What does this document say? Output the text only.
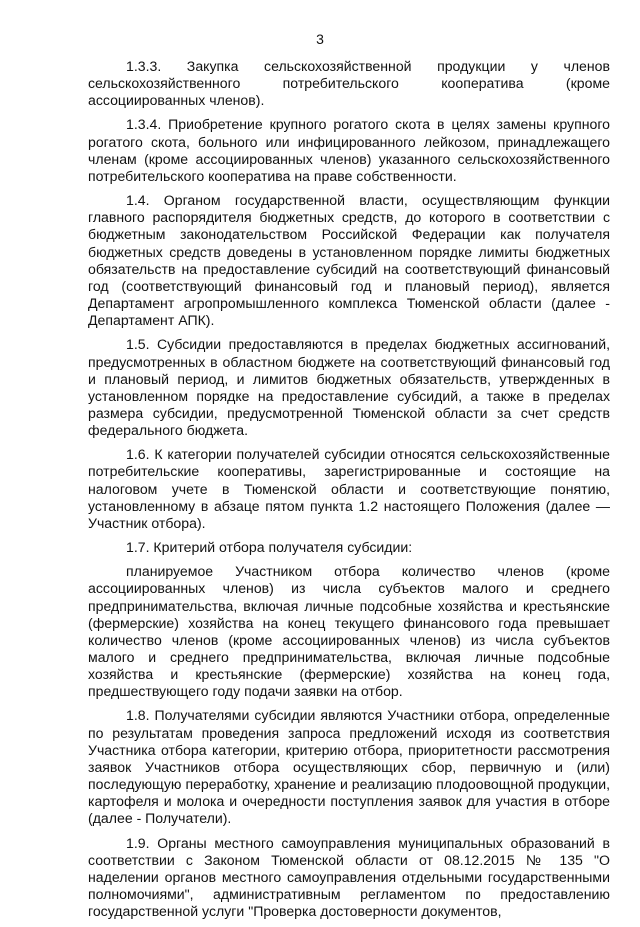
3

1.3.3. Закупка сельскохозяйственной продукции у членов сельскохозяйственного потребительского кооператива (кроме ассоциированных членов).

1.3.4. Приобретение крупного рогатого скота в целях замены крупного рогатого скота, больного или инфицированного лейкозом, принадлежащего членам (кроме ассоциированных членов) указанного сельскохозяйственного потребительского кооператива на праве собственности.

1.4. Органом государственной власти, осуществляющим функции главного распорядителя бюджетных средств, до которого в соответствии с бюджетным законодательством Российской Федерации как получателя бюджетных средств доведены в установленном порядке лимиты бюджетных обязательств на предоставление субсидий на соответствующий финансовый год (соответствующий финансовый год и плановый период), является Департамент агропромышленного комплекса Тюменской области (далее - Департамент АПК).

1.5. Субсидии предоставляются в пределах бюджетных ассигнований, предусмотренных в областном бюджете на соответствующий финансовый год и плановый период, и лимитов бюджетных обязательств, утвержденных в установленном порядке на предоставление субсидий, а также в пределах размера субсидии, предусмотренной Тюменской области за счет средств федерального бюджета.

1.6. К категории получателей субсидии относятся сельскохозяйственные потребительские кооперативы, зарегистрированные и состоящие на налоговом учете в Тюменской области и соответствующие понятию, установленному в абзаце пятом пункта 1.2 настоящего Положения (далее — Участник отбора).

1.7. Критерий отбора получателя субсидии:

планируемое Участником отбора количество членов (кроме ассоциированных членов) из числа субъектов малого и среднего предпринимательства, включая личные подсобные хозяйства и крестьянские (фермерские) хозяйства на конец текущего финансового года превышает количество членов (кроме ассоциированных членов) из числа субъектов малого и среднего предпринимательства, включая личные подсобные хозяйства и крестьянские (фермерские) хозяйства на конец года, предшествующего году подачи заявки на отбор.

1.8. Получателями субсидии являются Участники отбора, определенные по результатам проведения запроса предложений исходя из соответствия Участника отбора категории, критерию отбора, приоритетности рассмотрения заявок Участников отбора осуществляющих сбор, первичную и (или) последующую переработку, хранение и реализацию плодоовощной продукции, картофеля и молока и очередности поступления заявок для участия в отборе (далее - Получатели).

1.9. Органы местного самоуправления муниципальных образований в соответствии с Законом Тюменской области от 08.12.2015 № 135 "О наделении органов местного самоуправления отдельными государственными полномочиями", административным регламентом по предоставлению государственной услуги "Проверка достоверности документов,
